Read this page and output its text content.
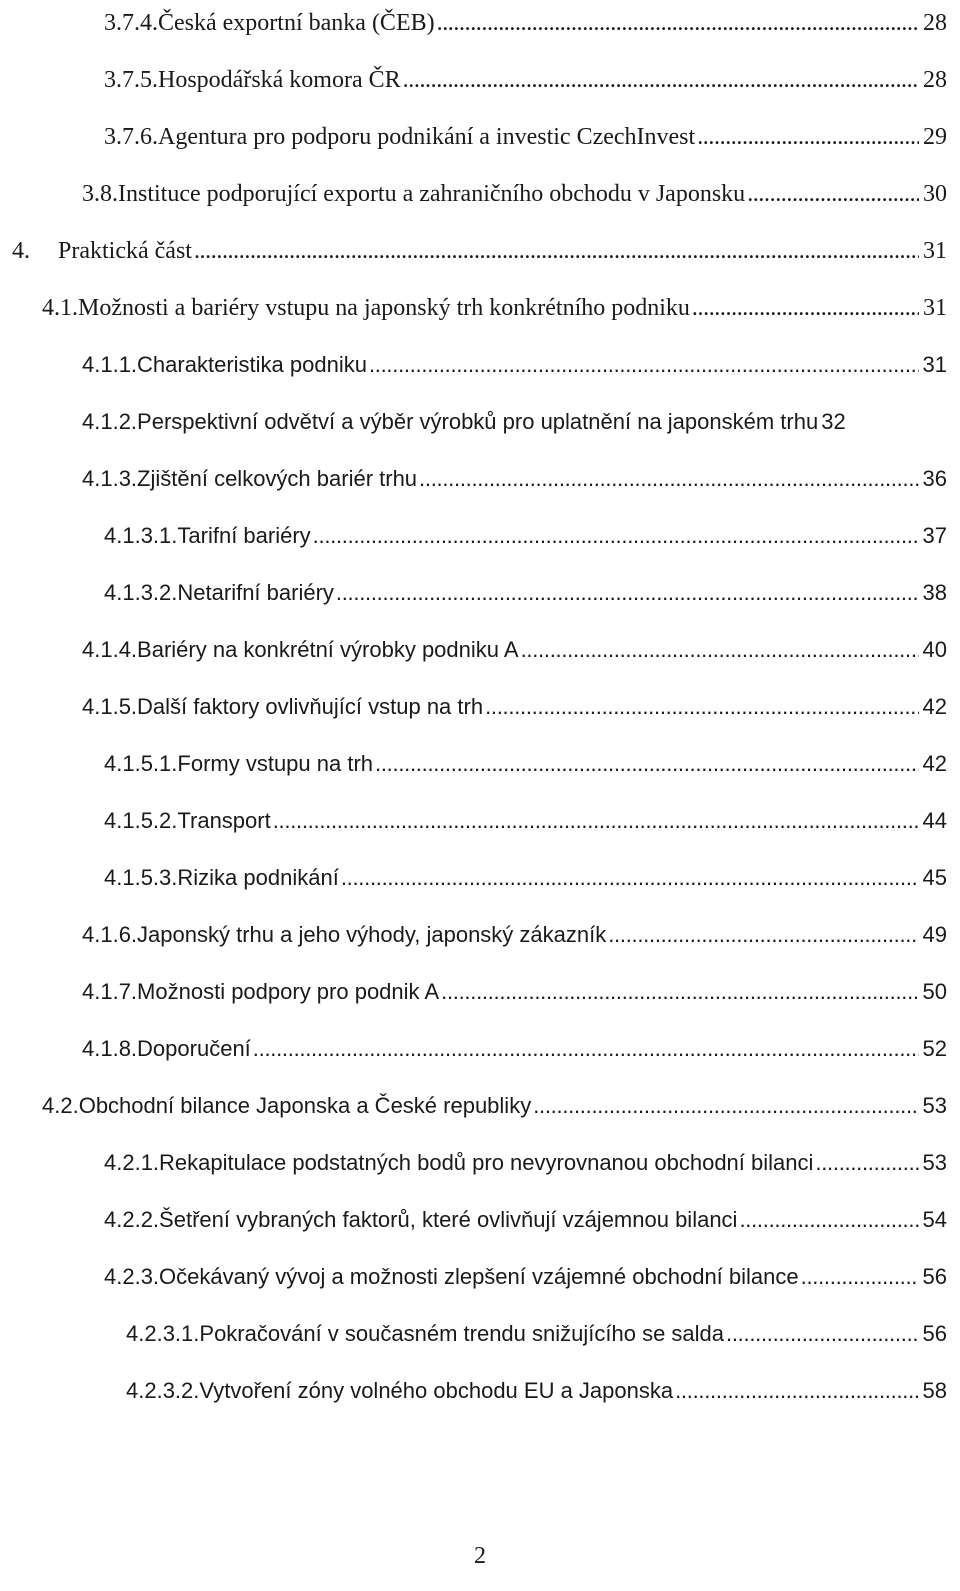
3.7.4.Česká exportní banka (ČEB) . . .	28
3.7.5.Hospodářská komora ČR . . .	28
3.7.6.Agentura pro podporu podnikání a investic CzechInvest . . .	29
3.8.Instituce podporující exportu a zahraničního obchodu v Japonsku . . .	30
4. Praktická část . . .	31
4.1.Možnosti a bariéry vstupu na japonský trh konkrétního podniku . . .	31
4.1.1.Charakteristika podniku . . .	31
4.1.2.Perspektivní odvětví a výběr výrobků pro uplatnění na japonském trhu 32
4.1.3.Zjištění celkových bariér trhu . . .	36
4.1.3.1.Tarifní bariéry . . .	37
4.1.3.2.Netarifní bariéry . . .	38
4.1.4.Bariéry na konkrétní výrobky podniku A . . .	40
4.1.5.Další faktory ovlivňující vstup na trh . . .	42
4.1.5.1.Formy vstupu na trh . . .	42
4.1.5.2.Transport . . .	44
4.1.5.3.Rizika podnikání . . .	45
4.1.6.Japonský trhu a jeho výhody, japonský zákazník . . .	49
4.1.7.Možnosti podpory pro podnik A . . .	50
4.1.8.Doporučení . . .	52
4.2.Obchodní bilance Japonska a České republiky . . .	53
4.2.1.Rekapitulace podstatných bodů pro nevyrovnanou obchodní bilanci . . .	53
4.2.2.Šetření vybraných faktorů, které ovlivňují vzájemnou bilanci . . .	54
4.2.3.Očekávaný vývoj a možnosti zlepšení vzájemné obchodní bilance . . .	56
4.2.3.1.Pokračování v současném trendu snižujícího se salda . . .	56
4.2.3.2.Vytvoření zóny volného obchodu EU a Japonska . . .	58
2
